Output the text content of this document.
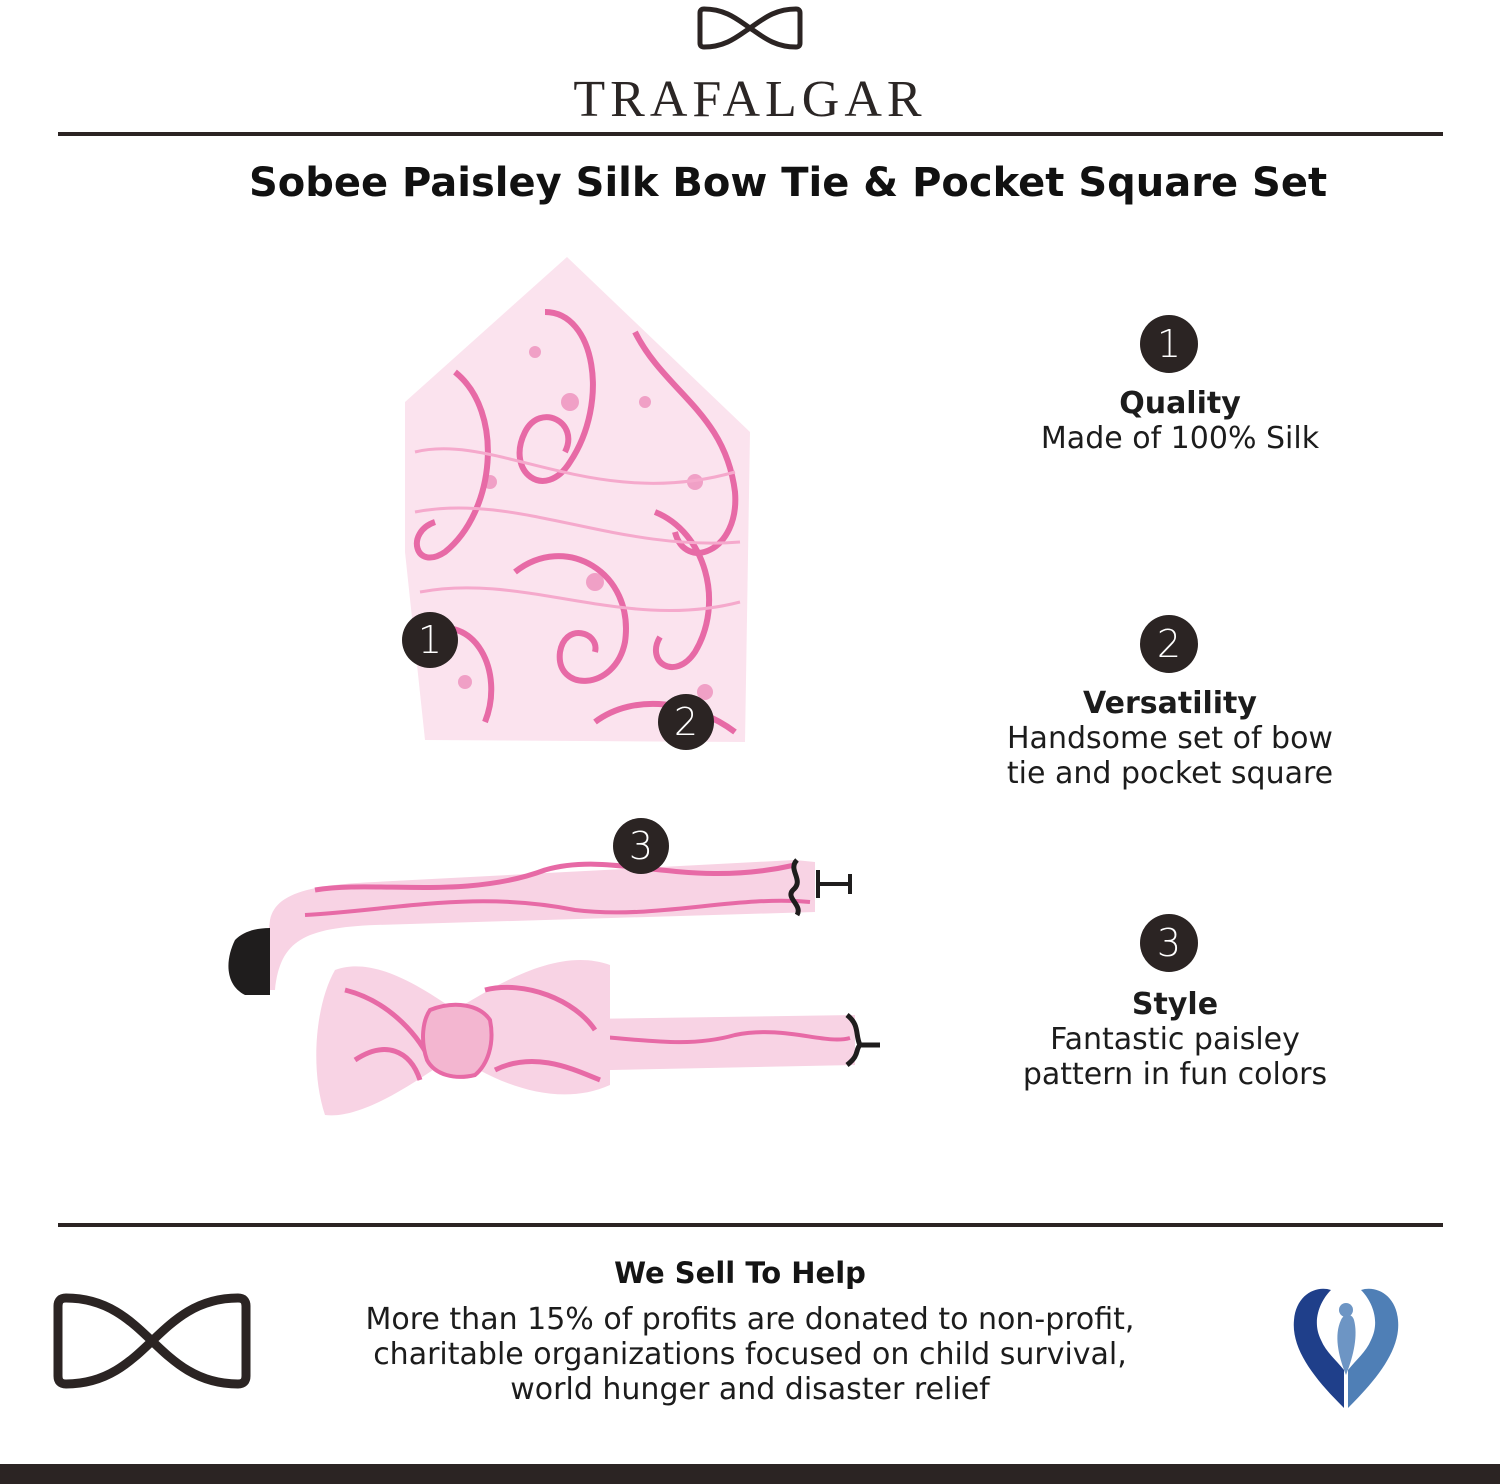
TRAFALGAR
Sobee Paisley Silk Bow Tie & Pocket Square Set
1
2
3
1
Quality
Made of 100% Silk
2
Versatility
Handsome set of bow
tie and pocket square
3
Style
Fantastic paisley
pattern in fun colors
We Sell To Help
More than 15% of profits are donated to non-profit,
charitable organizations focused on child survival,
world hunger and disaster relief
